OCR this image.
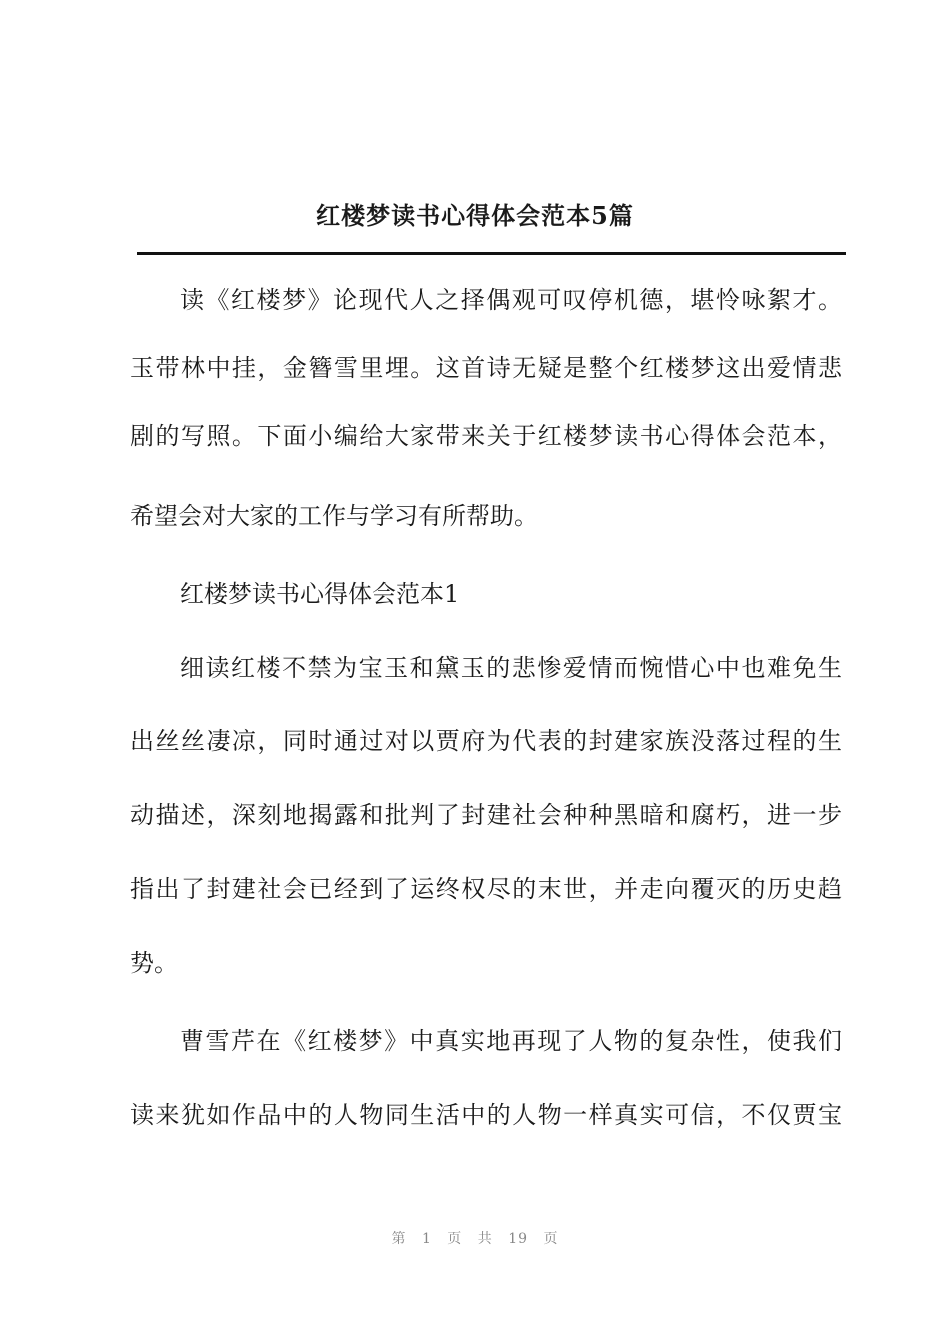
红楼梦读书心得体会范本5篇
读《红楼梦》论现代人之择偶观可叹停机德，堪怜咏絮才。
玉带林中挂，金簪雪里埋。这首诗无疑是整个红楼梦这出爱情悲
剧的写照。下面小编给大家带来关于红楼梦读书心得体会范本，
希望会对大家的工作与学习有所帮助。
红楼梦读书心得体会范本1
细读红楼不禁为宝玉和黛玉的悲惨爱情而惋惜心中也难免生
出丝丝凄凉，同时通过对以贾府为代表的封建家族没落过程的生
动描述，深刻地揭露和批判了封建社会种种黑暗和腐朽，进一步
指出了封建社会已经到了运终权尽的末世，并走向覆灭的历史趋
势。
曹雪芹在《红楼梦》中真实地再现了人物的复杂性，使我们
读来犹如作品中的人物同生活中的人物一样真实可信，不仅贾宝
第 1 页 共 19 页
